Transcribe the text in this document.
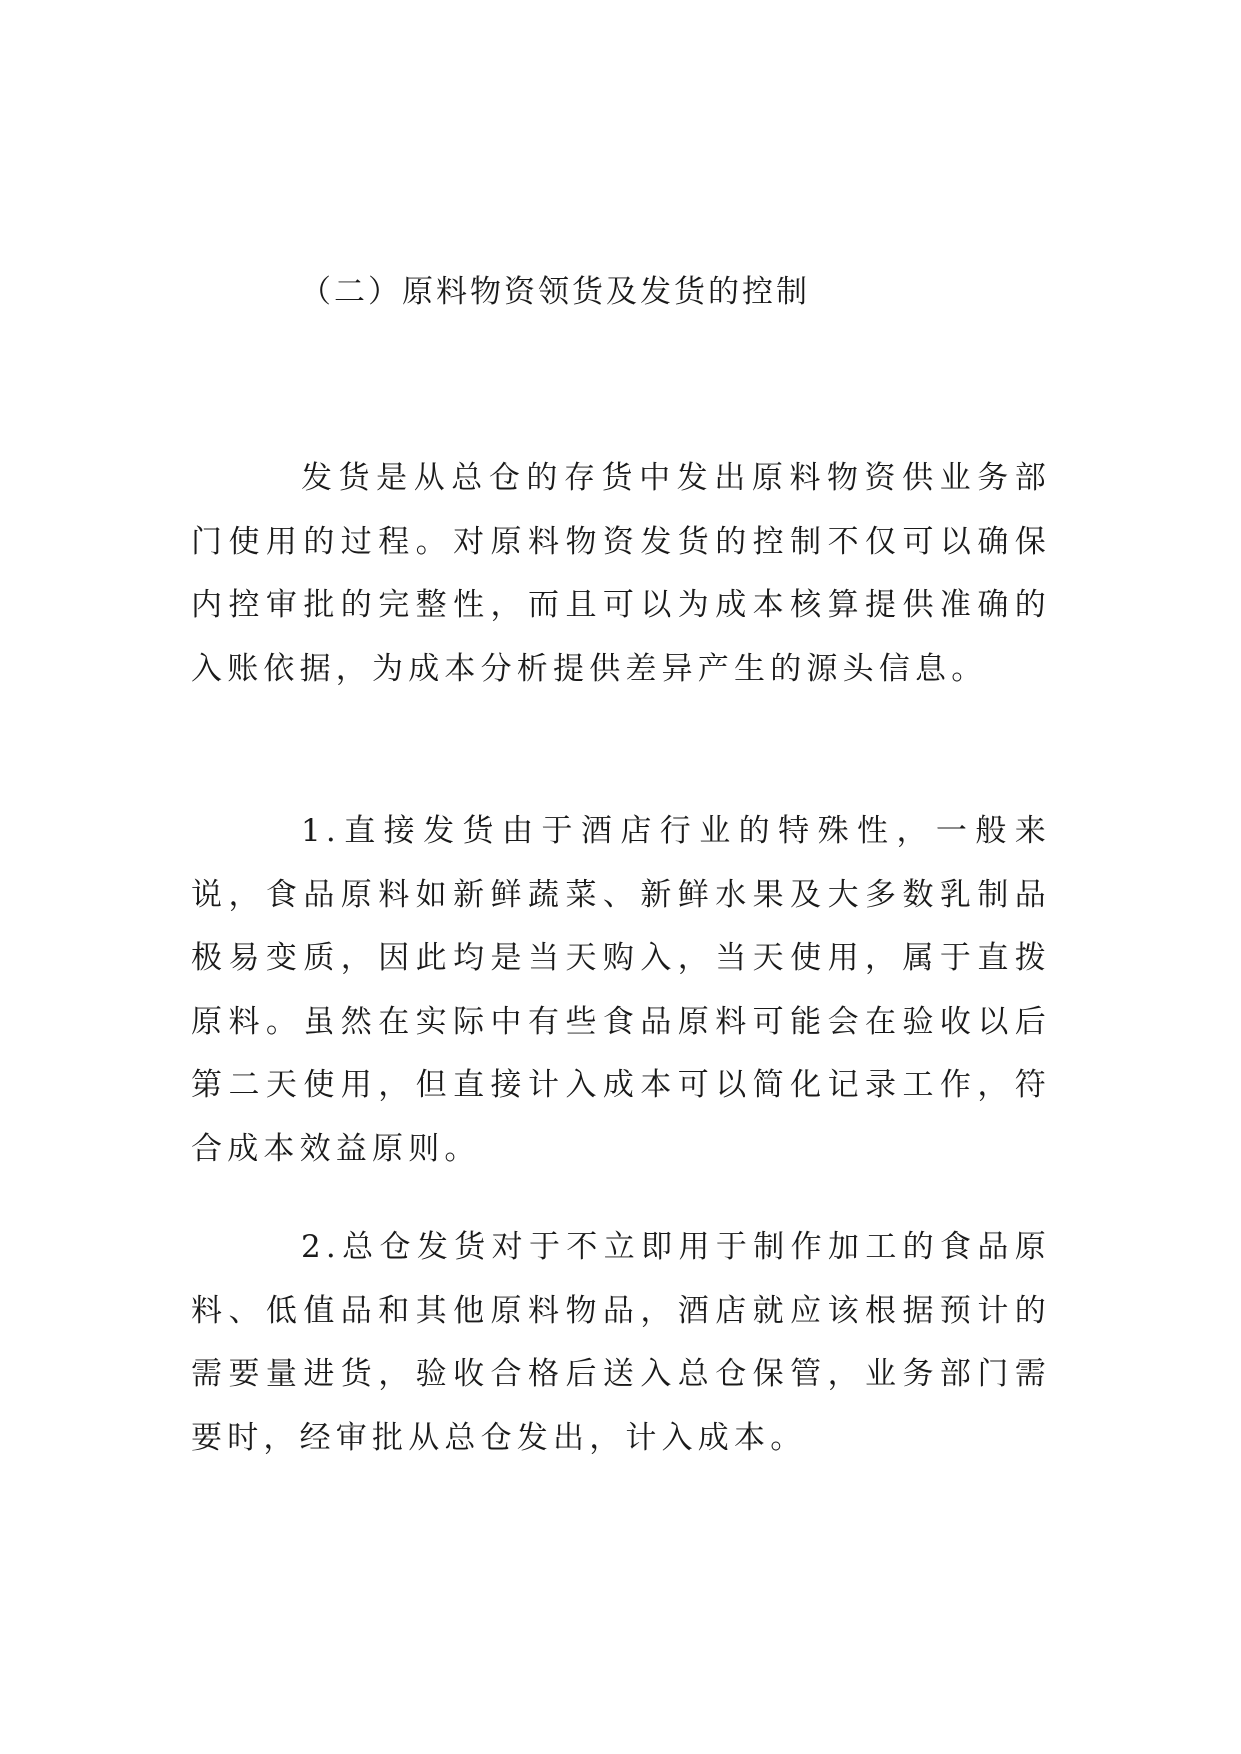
（二）原料物资领货及发货的控制

发货是从总仓的存货中发出原料物资供业务部门使用的过程。对原料物资发货的控制不仅可以确保内控审批的完整性，而且可以为成本核算提供准确的入账依据，为成本分析提供差异产生的源头信息。

1.直接发货由于酒店行业的特殊性，一般来说，食品原料如新鲜蔬菜、新鲜水果及大多数乳制品极易变质，因此均是当天购入，当天使用，属于直拨原料。虽然在实际中有些食品原料可能会在验收以后第二天使用，但直接计入成本可以简化记录工作，符合成本效益原则。

2.总仓发货对于不立即用于制作加工的食品原料、低值品和其他原料物品，酒店就应该根据预计的需要量进货，验收合格后送入总仓保管，业务部门需要时，经审批从总仓发出，计入成本。
